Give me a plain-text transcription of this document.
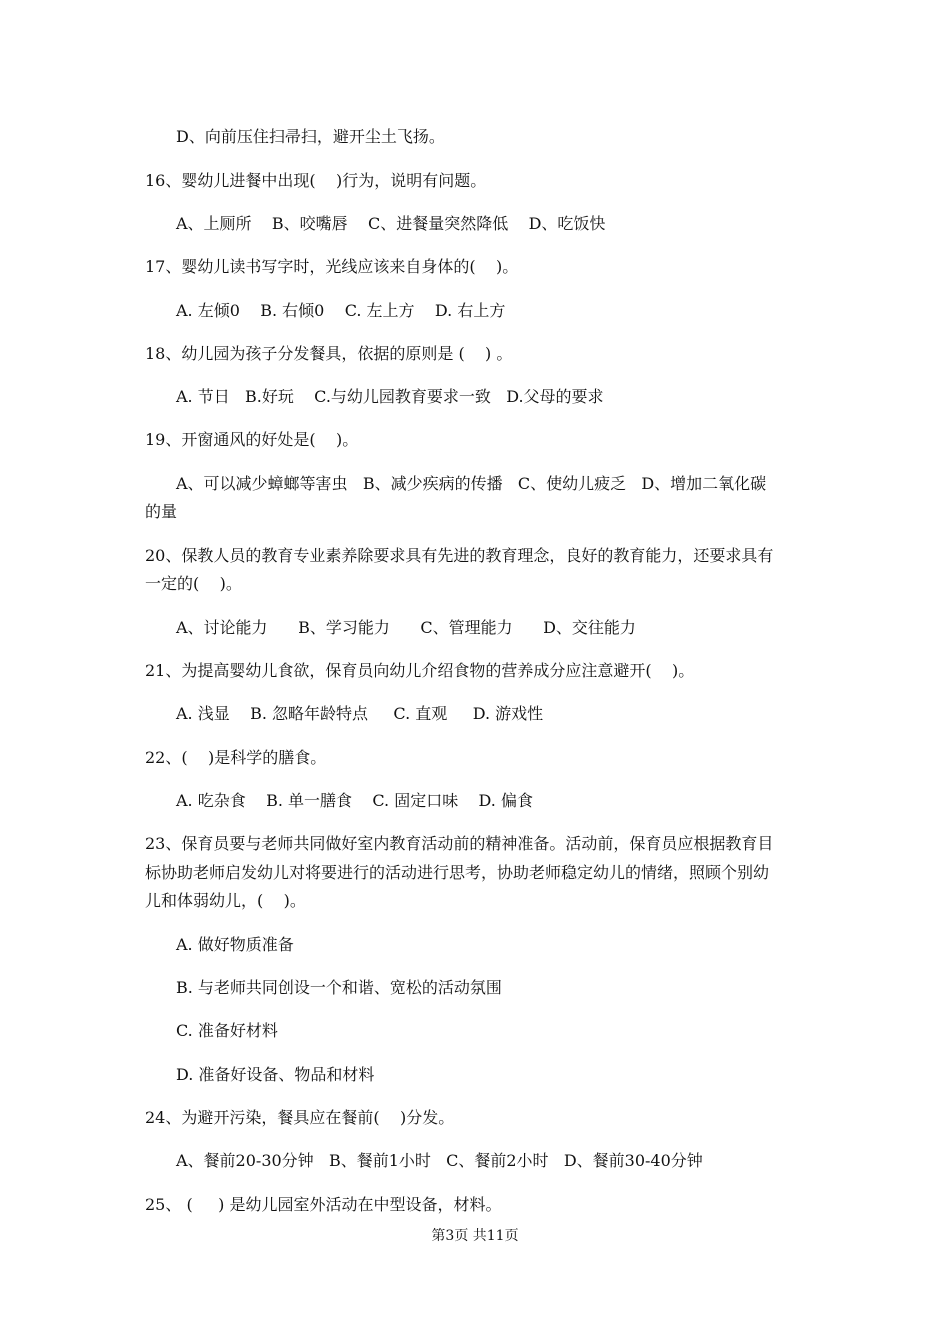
D、向前压住扫帚扫，避开尘土飞扬。
16、婴幼儿进餐中出现(    )行为，说明有问题。
A、上厕所    B、咬嘴唇    C、进餐量突然降低    D、吃饭快
17、婴幼儿读书写字时，光线应该来自身体的(    )。
A. 左倾0    B. 右倾0    C. 左上方    D. 右上方
18、幼儿园为孩子分发餐具，依据的原则是 (    ) 。
A. 节日   B.好玩    C.与幼儿园教育要求一致   D.父母的要求
19、开窗通风的好处是(    )。
A、可以减少蟑螂等害虫   B、减少疾病的传播   C、使幼儿疲乏   D、增加二氧化碳
的量
20、保教人员的教育专业素养除要求具有先进的教育理念，良好的教育能力，还要求具有
一定的(    )。
A、讨论能力      B、学习能力      C、管理能力      D、交往能力
21、为提高婴幼儿食欲，保育员向幼儿介绍食物的营养成分应注意避开(    )。
A. 浅显    B. 忽略年龄特点     C. 直观     D. 游戏性
22、(    )是科学的膳食。
A. 吃杂食    B. 单一膳食    C. 固定口味    D. 偏食
23、保育员要与老师共同做好室内教育活动前的精神准备。活动前，保育员应根据教育目
标协助老师启发幼儿对将要进行的活动进行思考，协助老师稳定幼儿的情绪，照顾个别幼
儿和体弱幼儿，(    )。
A. 做好物质准备
B. 与老师共同创设一个和谐、宽松的活动氛围
C. 准备好材料
D. 准备好设备、物品和材料
24、为避开污染，餐具应在餐前(    )分发。
A、餐前20-30分钟   B、餐前1小时   C、餐前2小时   D、餐前30-40分钟
25、 (     ) 是幼儿园室外活动在中型设备，材料。
第3页 共11页
